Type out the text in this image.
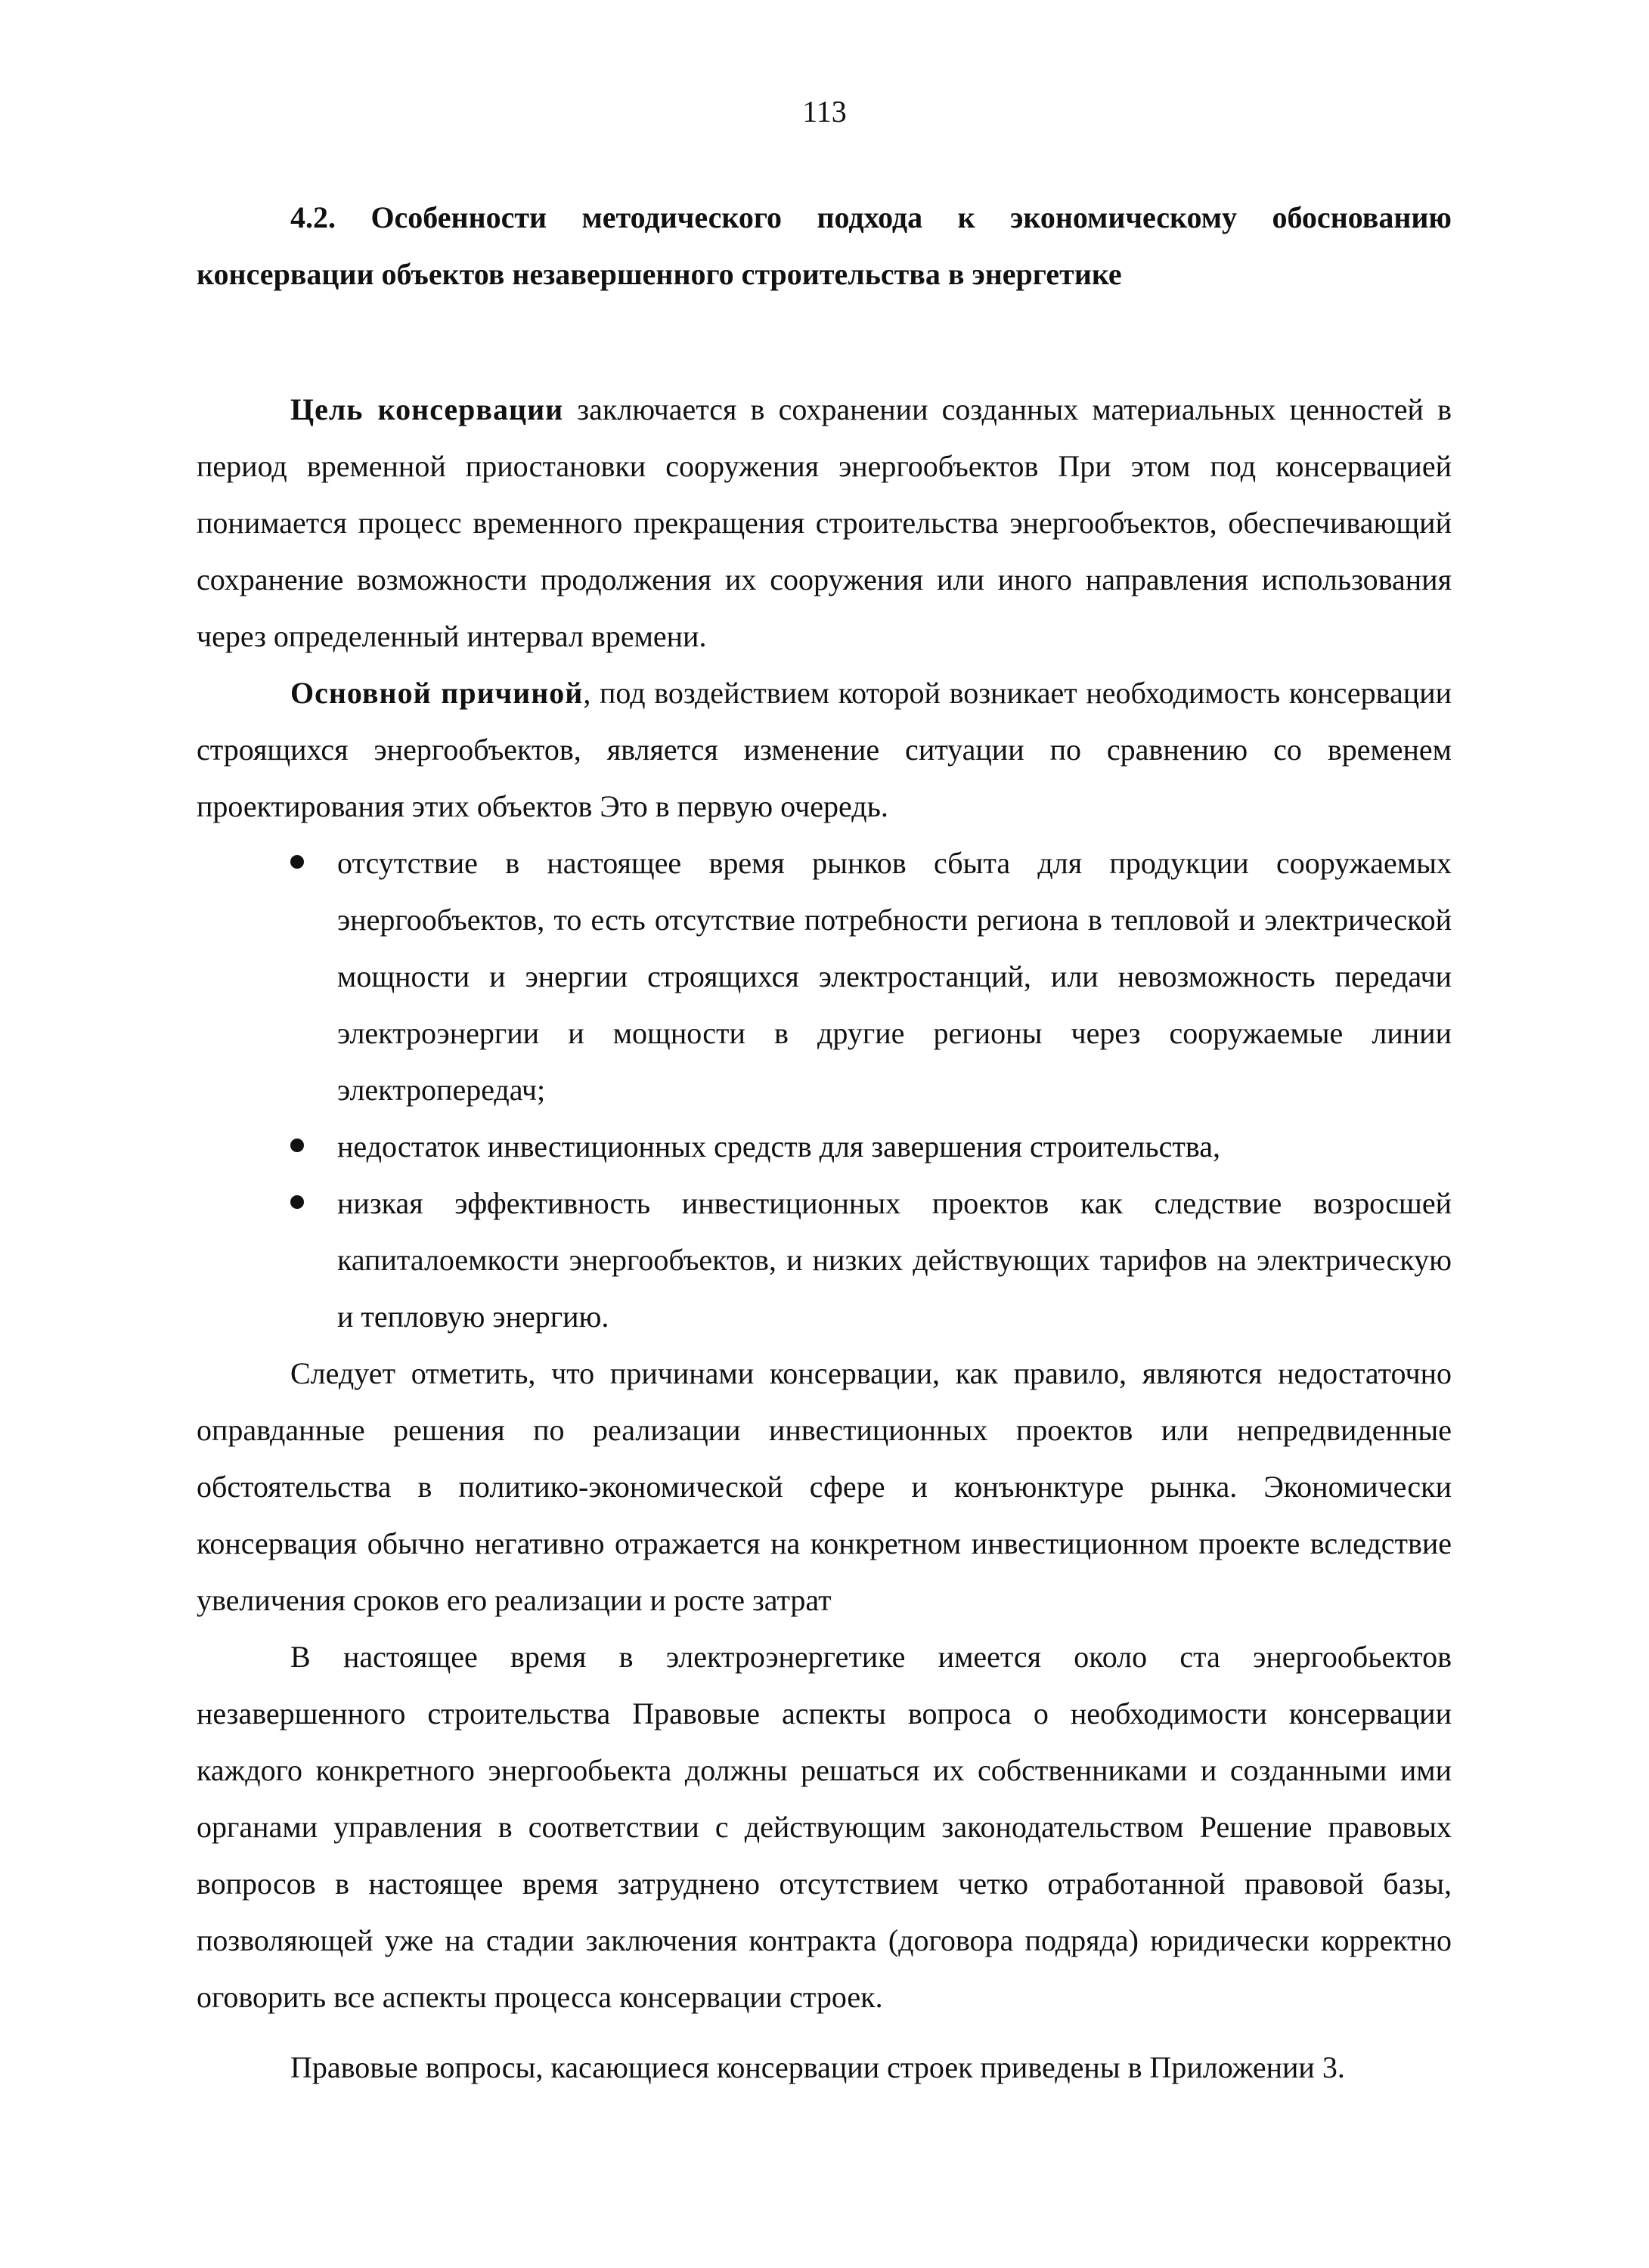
113
4.2. Особенности методического подхода к экономическому обоснованию консервации объектов незавершенного строительства в энергетике

Цель консервации заключается в сохранении созданных материальных ценностей в период временной приостановки сооружения энергообъектов При этом под консервацией понимается процесс временного прекращения строительства энергообъектов, обеспечивающий сохранение возможности продолжения их сооружения или иного направления использования через определенный интервал времени.

Основной причиной, под воздействием которой возникает необходимость консервации строящихся энергообъектов, является изменение ситуации по сравнению со временем проектирования этих объектов Это в первую очередь.

отсутствие в настоящее время рынков сбыта для продукции сооружаемых энергообъектов, то есть отсутствие потребности региона в тепловой и электрической мощности и энергии строящихся электростанций, или невозможность передачи электроэнергии и мощности в другие регионы через сооружаемые линии электропередач;
недостаток инвестиционных средств для завершения строительства,
низкая эффективность инвестиционных проектов как следствие возросшей капиталоемкости энергообъектов, и низких действующих тарифов на электрическую и тепловую энергию.

Следует отметить, что причинами консервации, как правило, являются недостаточно оправданные решения по реализации инвестиционных проектов или непредвиденные обстоятельства в политико-экономической сфере и конъюнктуре рынка. Экономически консервация обычно негативно отражается на конкретном инвестиционном проекте вследствие увеличения сроков его реализации и росте затрат

В настоящее время в электроэнергетике имеется около ста энергообьектов незавершенного строительства Правовые аспекты вопроса о необходимости консервации каждого конкретного энергообьекта должны решаться их собственниками и созданными ими органами управления в соответствии с действующим законодательством Решение правовых вопросов в настоящее время затруднено отсутствием четко отработанной правовой базы, позволяющей уже на стадии заключения контракта (договора подряда) юридически корректно оговорить все аспекты процесса консервации строек.

Правовые вопросы, касающиеся консервации строек приведены в Приложении 3.
